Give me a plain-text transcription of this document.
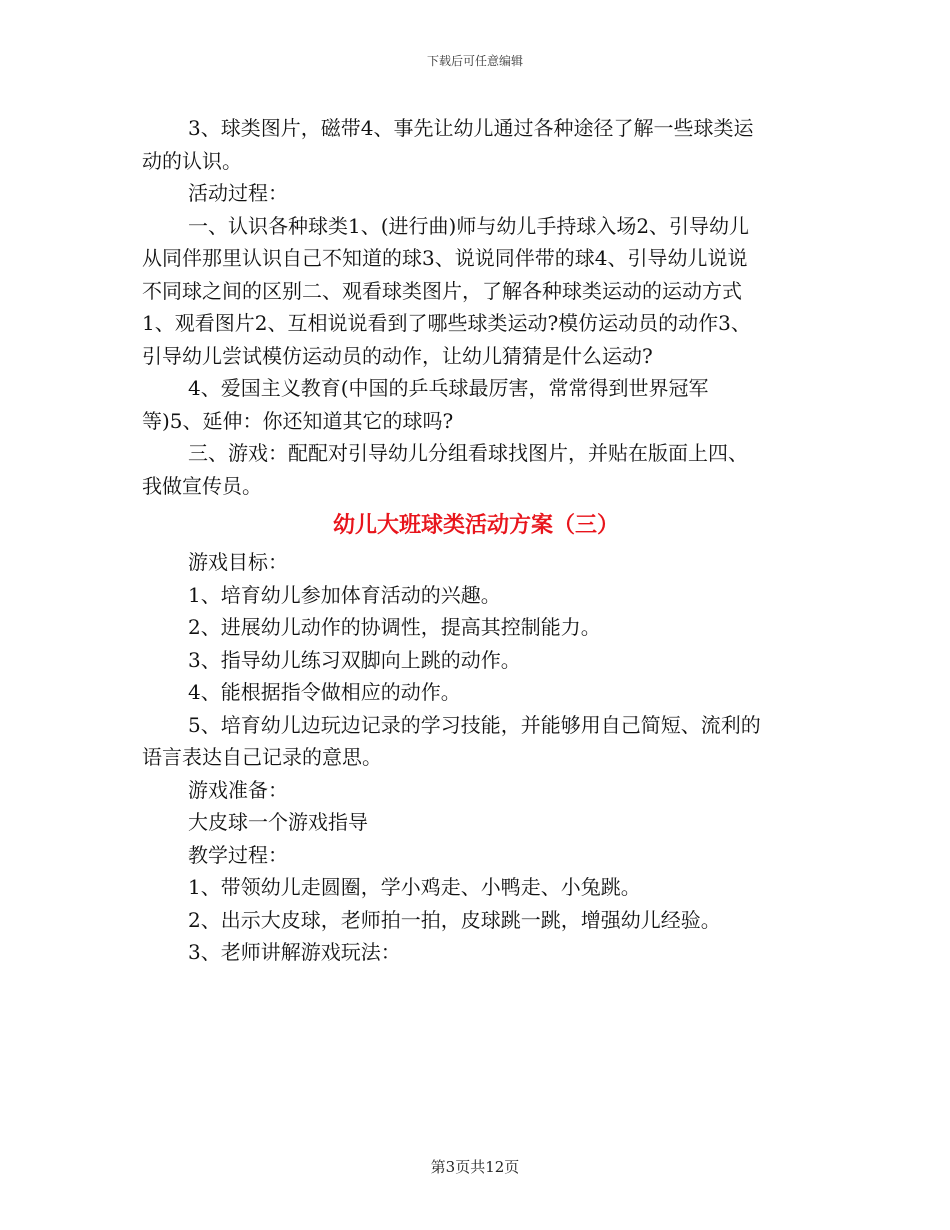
下载后可任意编辑

3、球类图片，磁带4、事先让幼儿通过各种途径了解一些球类运

动的认识。

活动过程：

一、认识各种球类1、(进行曲)师与幼儿手持球入场2、引导幼儿

从同伴那里认识自己不知道的球3、说说同伴带的球4、引导幼儿说说

不同球之间的区别二、观看球类图片，了解各种球类运动的运动方式

1、观看图片2、互相说说看到了哪些球类运动?模仿运动员的动作3、

引导幼儿尝试模仿运动员的动作，让幼儿猜猜是什么运动?

4、爱国主义教育(中国的乒乓球最厉害，常常得到世界冠军

等)5、延伸：你还知道其它的球吗?

三、游戏：配配对引导幼儿分组看球找图片，并贴在版面上四、

我做宣传员。

幼儿大班球类活动方案（三）

游戏目标：

1、培育幼儿参加体育活动的兴趣。

2、进展幼儿动作的协调性，提高其控制能力。

3、指导幼儿练习双脚向上跳的动作。

4、能根据指令做相应的动作。

5、培育幼儿边玩边记录的学习技能，并能够用自己简短、流利的

语言表达自己记录的意思。

游戏准备：

大皮球一个游戏指导

教学过程：

1、带领幼儿走圆圈，学小鸡走、小鸭走、小兔跳。

2、出示大皮球，老师拍一拍，皮球跳一跳，增强幼儿经验。

3、老师讲解游戏玩法：

第3页共12页
